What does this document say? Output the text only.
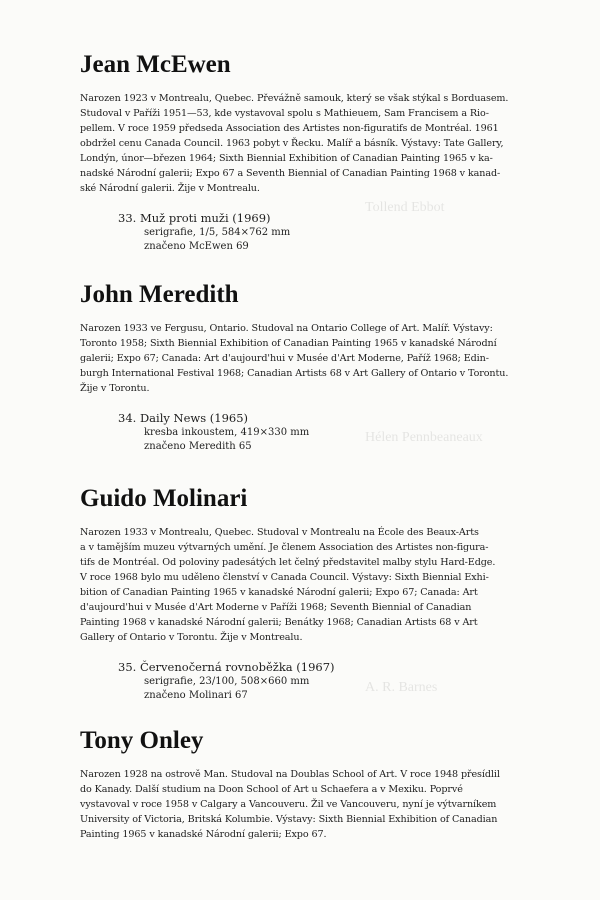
Tollend Ebbot
Hélen Pennbeaneaux
A. R. Barnes
Jean McEwen

Narozen 1923 v Montrealu, Quebec. Převážně samouk, který se však stýkal s Borduasem.
Studoval v Paříži 1951—53, kde vystavoval spolu s Mathieuem, Sam Francisem a Rio-
pellem. V roce 1959 předseda Association des Artistes non-figuratifs de Montréal. 1961
obdržel cenu Canada Council. 1963 pobyt v Řecku. Malíř a básník. Výstavy: Tate Gallery,
Londýn, únor—březen 1964; Sixth Biennial Exhibition of Canadian Painting 1965 v ka-
nadské Národní galerii; Expo 67 a Seventh Biennial of Canadian Painting 1968 v kanad-
ské Národní galerii. Žije v Montrealu.

33. Muž proti muži (1969)
serigrafie, 1/5, 584×762 mm
značeno McEwen 69
John Meredith

Narozen 1933 ve Fergusu, Ontario. Studoval na Ontario College of Art. Malíř. Výstavy:
Toronto 1958; Sixth Biennial Exhibition of Canadian Painting 1965 v kanadské Národní
galerii; Expo 67; Canada: Art d'aujourd'hui v Musée d'Art Moderne, Paříž 1968; Edin-
burgh International Festival 1968; Canadian Artists 68 v Art Gallery of Ontario v Torontu.
Žije v Torontu.

34. Daily News (1965)
kresba inkoustem, 419×330 mm
značeno Meredith 65
Guido Molinari

Narozen 1933 v Montrealu, Quebec. Studoval v Montrealu na École des Beaux-Arts
a v tamějším muzeu výtvarných umění. Je členem Association des Artistes non-figura-
tifs de Montréal. Od poloviny padesátých let čelný představitel malby stylu Hard-Edge.
V roce 1968 bylo mu uděleno členství v Canada Council. Výstavy: Sixth Biennial Exhi-
bition of Canadian Painting 1965 v kanadské Národní galerii; Expo 67; Canada: Art
d'aujourd'hui v Musée d'Art Moderne v Paříži 1968; Seventh Biennial of Canadian
Painting 1968 v kanadské Národní galerii; Benátky 1968; Canadian Artists 68 v Art
Gallery of Ontario v Torontu. Žije v Montrealu.

35. Červenočerná rovnoběžka (1967)
serigrafie, 23/100, 508×660 mm
značeno Molinari 67
Tony Onley

Narozen 1928 na ostrově Man. Studoval na Doublas School of Art. V roce 1948 přesídlil
do Kanady. Další studium na Doon School of Art u Schaefera a v Mexiku. Poprvé
vystavoval v roce 1958 v Calgary a Vancouveru. Žil ve Vancouveru, nyní je výtvarníkem
University of Victoria, Britská Kolumbie. Výstavy: Sixth Biennial Exhibition of Canadian
Painting 1965 v kanadské Národní galerii; Expo 67.
